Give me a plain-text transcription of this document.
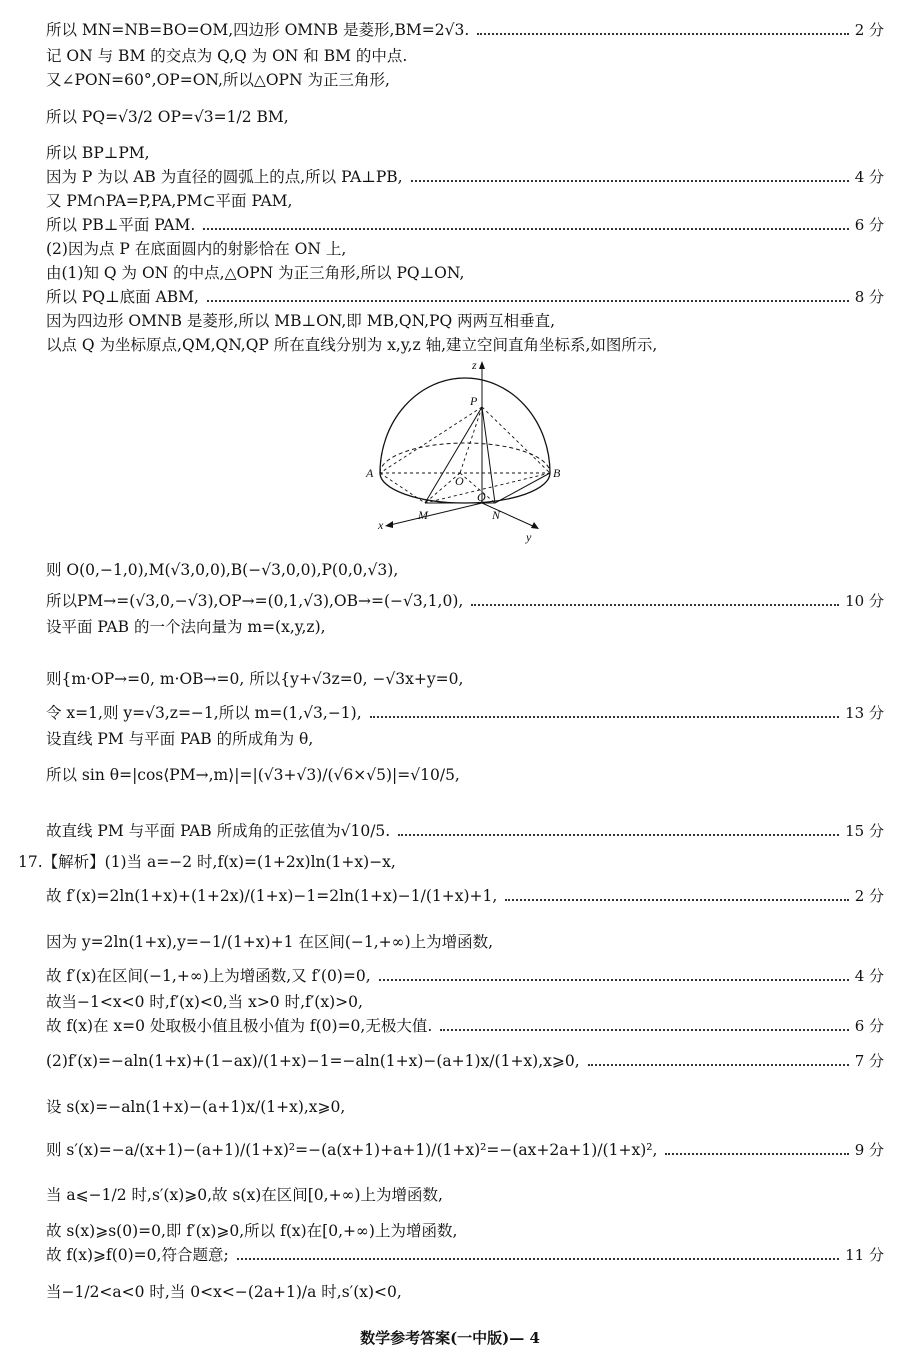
所以 MN=NB=BO=OM,四边形 OMNB 是菱形,BM=2√3.	2 分
记 ON 与 BM 的交点为 Q,Q 为 ON 和 BM 的中点.
又∠PON=60°,OP=ON,所以△OPN 为正三角形,
所以 PQ=√3/2 OP=√3=1/2 BM,
所以 BP⊥PM,
因为 P 为以 AB 为直径的圆弧上的点,所以 PA⊥PB,	4 分
又 PM∩PA=P,PA,PM⊂平面 PAM,
所以 PB⊥平面 PAM.	6 分
(2)因为点 P 在底面圆内的射影恰在 ON 上,
由(1)知 Q 为 ON 的中点,△OPN 为正三角形,所以 PQ⊥ON,
所以 PQ⊥底面 ABM,	8 分
因为四边形 OMNB 是菱形,所以 MB⊥ON,即 MB,QN,PQ 两两互相垂直,
以点 Q 为坐标原点,QM,QN,QP 所在直线分别为 x,y,z 轴,建立空间直角坐标系,如图所示,
则 O(0,−1,0),M(√3,0,0),B(−√3,0,0),P(0,0,√3),
所以PM→=(√3,0,−√3),OP→=(0,1,√3),OB→=(−√3,1,0),	10 分
设平面 PAB 的一个法向量为 m=(x,y,z),
则{m·OP→=0, m·OB→=0, 所以{y+√3z=0, −√3x+y=0,
令 x=1,则 y=√3,z=−1,所以 m=(1,√3,−1),	13 分
设直线 PM 与平面 PAB 的所成角为 θ,
所以 sin θ=|cos⟨PM→,m⟩|=|(√3+√3)/(√6×√5)|=√10/5,
故直线 PM 与平面 PAB 所成角的正弦值为√10/5.	15 分
17.【解析】(1)当 a=−2 时,f(x)=(1+2x)ln(1+x)−x,
故 f′(x)=2ln(1+x)+(1+2x)/(1+x)−1=2ln(1+x)−1/(1+x)+1,	2 分
因为 y=2ln(1+x),y=−1/(1+x)+1 在区间(−1,+∞)上为增函数,
故 f′(x)在区间(−1,+∞)上为增函数,又 f′(0)=0,	4 分
故当−1<x<0 时,f′(x)<0,当 x>0 时,f′(x)>0,
故 f(x)在 x=0 处取极小值且极小值为 f(0)=0,无极大值.	6 分
(2)f′(x)=−aln(1+x)+(1−ax)/(1+x)−1=−aln(1+x)−(a+1)x/(1+x),x⩾0,	7 分
设 s(x)=−aln(1+x)−(a+1)x/(1+x),x⩾0,
则 s′(x)=−a/(x+1)−(a+1)/(1+x)²=−(a(x+1)+a+1)/(1+x)²=−(ax+2a+1)/(1+x)²,	9 分
当 a⩽−1/2 时,s′(x)⩾0,故 s(x)在区间[0,+∞)上为增函数,
故 s(x)⩾s(0)=0,即 f′(x)⩾0,所以 f(x)在[0,+∞)上为增函数,
故 f(x)⩾f(0)=0,符合题意;	11 分
当−1/2<a<0 时,当 0<x<−(2a+1)/a 时,s′(x)<0,
z
P
A	B
O
Q
M	N
x
y
数学参考答案(一中版)— 4
